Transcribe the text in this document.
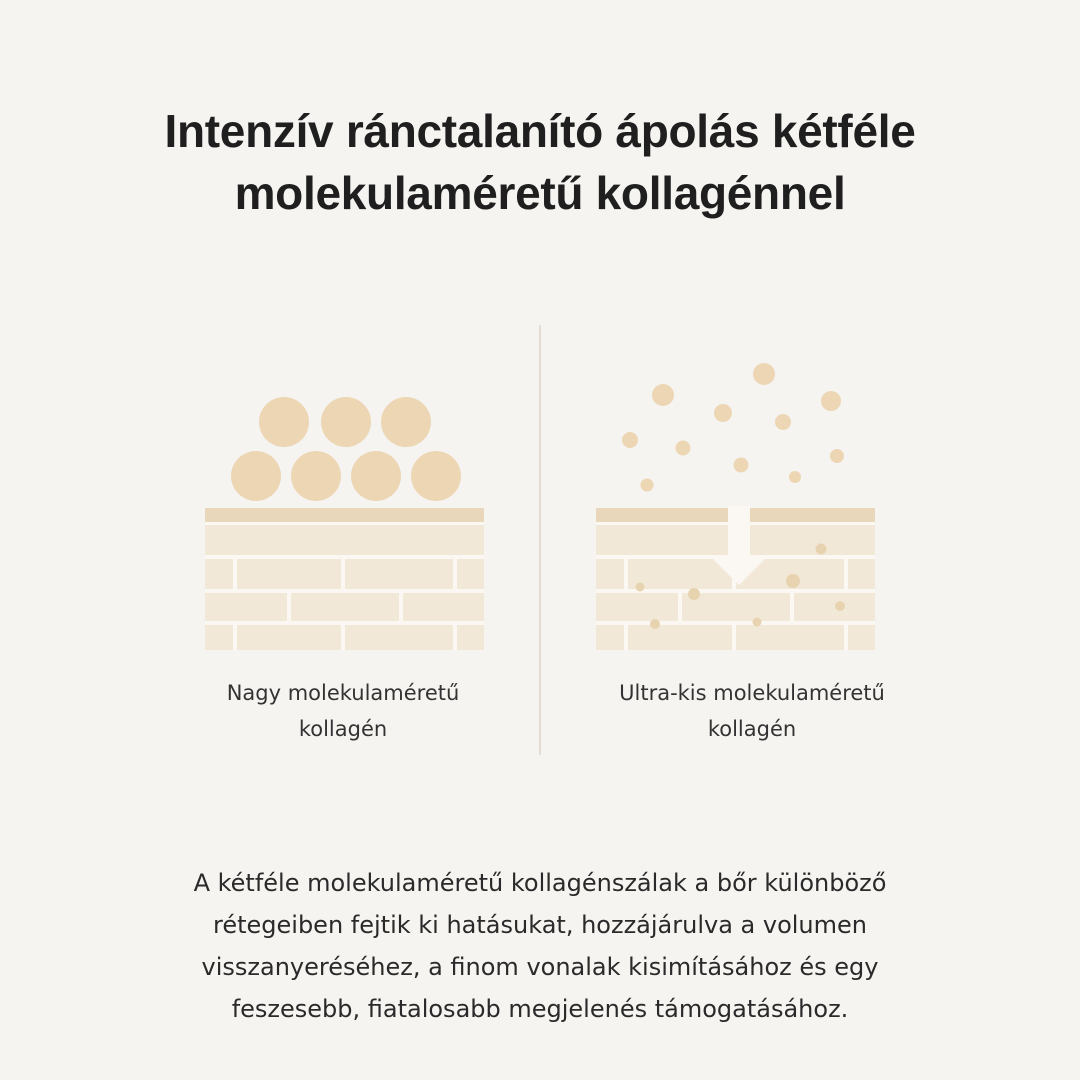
Intenzív ránctalanító ápolás kétféle
molekulaméretű kollagénnel
Nagy molekulaméretű
kollagén
Ultra-kis molekulaméretű
kollagén
A kétféle molekulaméretű kollagénszálak a bőr különböző
rétegeiben fejtik ki hatásukat, hozzájárulva a volumen
visszanyeréséhez, a finom vonalak kisimításához és egy
feszesebb, fiatalosabb megjelenés támogatásához.
